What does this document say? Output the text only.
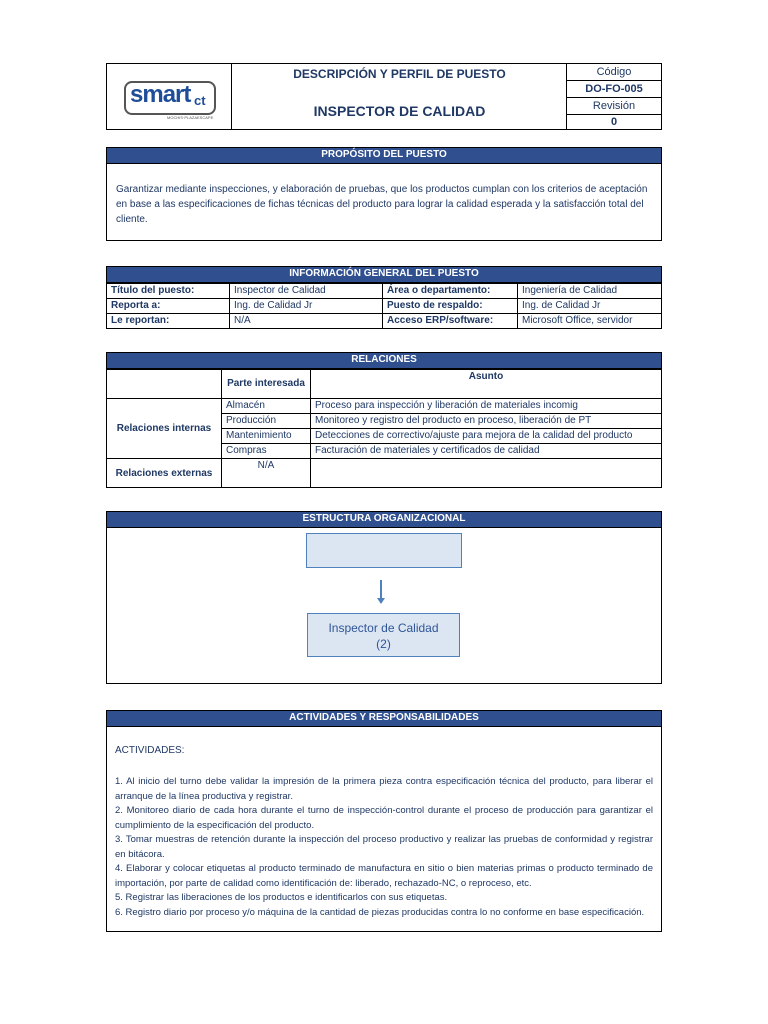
smart ct
MOCHIS·PLAZAESCAPE
DESCRIPCIÓN Y PERFIL DE PUESTO
INSPECTOR DE CALIDAD
Código
DO-FO-005
Revisión
0
PROPÓSITO DEL PUESTO
Garantizar mediante inspecciones, y elaboración de pruebas, que los productos cumplan con los criterios de aceptación en base a las especificaciones de fichas técnicas del producto para lograr la calidad esperada y la satisfacción total del cliente.
INFORMACIÓN GENERAL DEL PUESTO
Título del puesto:	Inspector de Calidad	Área o departamento:	Ingeniería de Calidad
Reporta a:	Ing. de Calidad Jr	Puesto de respaldo:	Ing. de Calidad Jr
Le reportan:	N/A	Acceso ERP/software:	Microsoft Office, servidor
RELACIONES
	Parte interesada	Asunto
Relaciones internas	Almacén	Proceso para inspección y liberación de materiales incomig
	Producción	Monitoreo y registro del producto en proceso, liberación de PT
	Mantenimiento	Detecciones de correctivo/ajuste para mejora de la calidad del producto
	Compras	Facturación de materiales y certificados de calidad
Relaciones externas	N/A	
ESTRUCTURA ORGANIZACIONAL
Inspector de Calidad
(2)
ACTIVIDADES Y RESPONSABILIDADES
ACTIVIDADES:
1. Al inicio del turno debe validar la impresión de la primera pieza contra especificación técnica del producto, para liberar el arranque de la línea productiva y registrar.
2. Monitoreo diario de cada hora durante el turno de inspección-control durante el proceso de producción para garantizar el cumplimiento de la especificación del producto.
3. Tomar muestras de retención durante la inspección del proceso productivo y realizar las pruebas de conformidad y registrar en bitácora.
4. Elaborar y colocar etiquetas al producto terminado de manufactura en sitio o bien materias primas o producto terminado de importación, por parte de calidad como identificación de: liberado, rechazado-NC, o reproceso, etc.
5. Registrar las liberaciones de los productos e identificarlos con sus etiquetas.
6. Registro diario por proceso y/o máquina de la cantidad de piezas producidas contra lo no conforme en base especificación.
